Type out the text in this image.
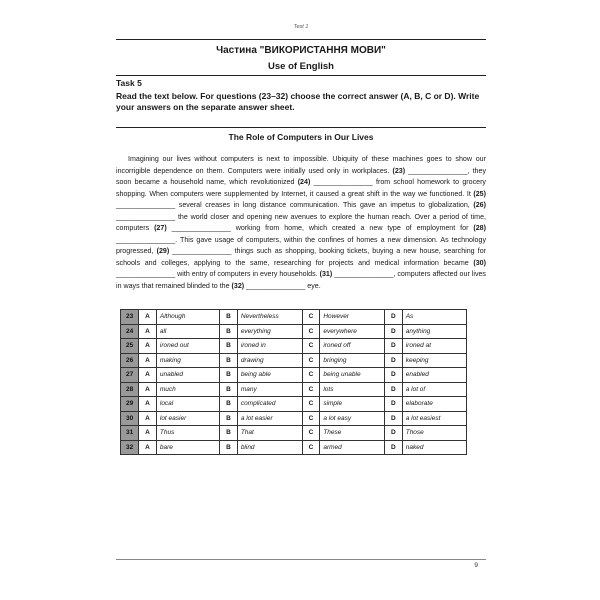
Test 1
Частина "ВИКОРИСТАННЯ МОВИ"
Use of English
Task 5
Read the text below. For questions (23–32) choose the correct answer (A, B, C or D). Write your answers on the separate answer sheet.
The Role of Computers in Our Lives
Imagining our lives without computers is next to impossible. Ubiquity of these machines goes to show our incorrigible dependence on them. Computers were initially used only in workplaces. (23) _______________, they soon became a household name, which revolutionized (24) _______________ from school homework to grocery shopping. When computers were supplemented by Internet, it caused a great shift in the way we functioned. It (25) _______________ several creases in long distance communication. This gave an impetus to globalization, (26) _______________ the world closer and opening new avenues to explore the human reach. Over a period of time, computers (27) _______________ working from home, which created a new type of employment for (28) _______________. This gave usage of computers, within the confines of homes a new dimension. As technology progressed, (29) _______________ things such as shopping, booking tickets, buying a new house, searching for schools and colleges, applying to the same, researching for projects and medical information became (30) _______________ with entry of computers in every households. (31) _______________, computers affected our lives in ways that remained blinded to the (32) _______________ eye.
23	A	Although	B	Nevertheless	C	However	D	As
24	A	all	B	everything	C	everywhere	D	anything
25	A	ironed out	B	ironed in	C	ironed off	D	ironed at
26	A	making	B	drawing	C	bringing	D	keeping
27	A	unabled	B	being able	C	being unable	D	enabled
28	A	much	B	many	C	lots	D	a lot of
29	A	local	B	complicated	C	simple	D	elaborate
30	A	lot easier	B	a lot easier	C	a lot easy	D	a lot easiest
31	A	Thus	B	That	C	These	D	Those
32	A	bare	B	blind	C	armed	D	naked
9
